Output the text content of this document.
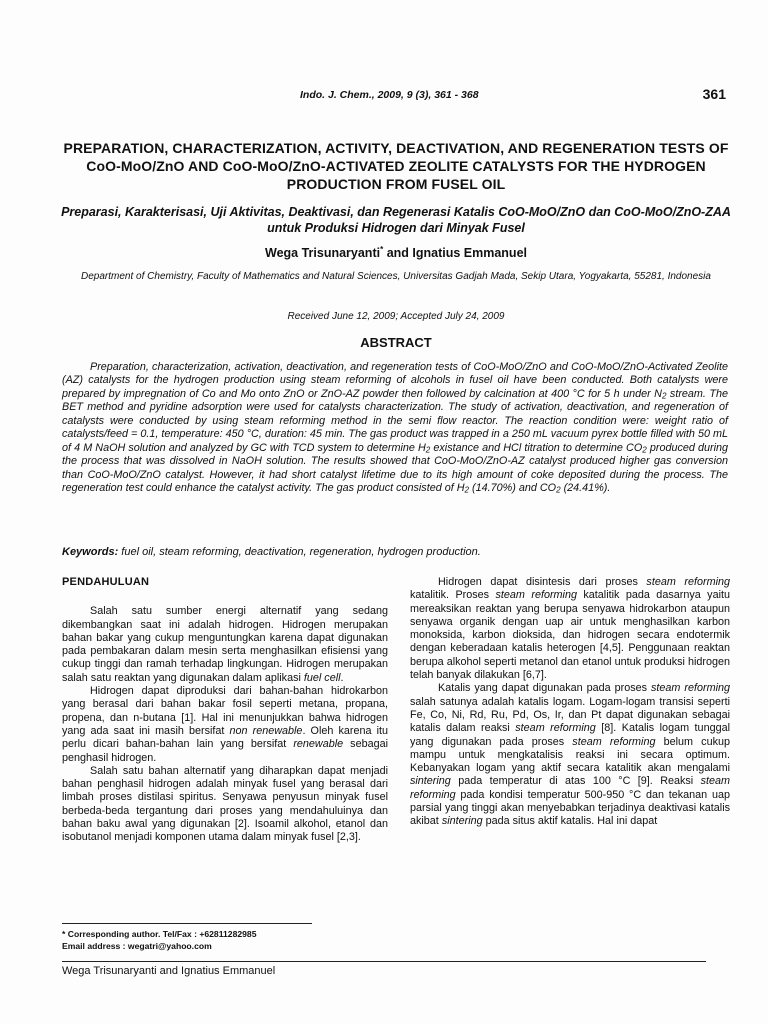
Indo. J. Chem., 2009, 9 (3), 361 - 368	361
PREPARATION, CHARACTERIZATION, ACTIVITY, DEACTIVATION, AND REGENERATION TESTS OF CoO-MoO/ZnO AND CoO-MoO/ZnO-ACTIVATED ZEOLITE CATALYSTS FOR THE HYDROGEN PRODUCTION FROM FUSEL OIL
Preparasi, Karakterisasi, Uji Aktivitas, Deaktivasi, dan Regenerasi Katalis CoO-MoO/ZnO dan CoO-MoO/ZnO-ZAA untuk Produksi Hidrogen dari Minyak Fusel
Wega Trisunaryanti* and Ignatius Emmanuel
Department of Chemistry, Faculty of Mathematics and Natural Sciences, Universitas Gadjah Mada, Sekip Utara, Yogyakarta, 55281, Indonesia
Received June 12, 2009; Accepted July 24, 2009
ABSTRACT

Preparation, characterization, activation, deactivation, and regeneration tests of CoO-MoO/ZnO and CoO-MoO/ZnO-Activated Zeolite (AZ) catalysts for the hydrogen production using steam reforming of alcohols in fusel oil have been conducted. Both catalysts were prepared by impregnation of Co and Mo onto ZnO or ZnO-AZ powder then followed by calcination at 400 °C for 5 h under $N_2$ stream. The BET method and pyridine adsorption were used for catalysts characterization. The study of activation, deactivation, and regeneration of catalysts were conducted by using steam reforming method in the semi flow reactor. The reaction condition were: weight ratio of catalysts/feed = 0.1, temperature: 450 °C, duration: 45 min. The gas product was trapped in a 250 mL vacuum pyrex bottle filled with 50 mL of 4 M NaOH solution and analyzed by GC with TCD system to determine $H_2$ existance and HCl titration to determine $CO_2$ produced during the process that was dissolved in NaOH solution. The results showed that CoO-MoO/ZnO-AZ catalyst produced higher gas conversion than CoO-MoO/ZnO catalyst. However, it had short catalyst lifetime due to its high amount of coke deposited during the process. The regeneration test could enhance the catalyst activity. The gas product consisted of $H_2$ (14.70%) and $CO_2$ (24.41%).

Keywords: fuel oil, steam reforming, deactivation, regeneration, hydrogen production.

PENDAHULUAN

Salah satu sumber energi alternatif yang sedang dikembangkan saat ini adalah hidrogen. Hidrogen merupakan bahan bakar yang cukup menguntungkan karena dapat digunakan pada pembakaran dalam mesin serta menghasilkan efisiensi yang cukup tinggi dan ramah terhadap lingkungan. Hidrogen merupakan salah satu reaktan yang digunakan dalam aplikasi fuel cell.

Hidrogen dapat diproduksi dari bahan-bahan hidrokarbon yang berasal dari bahan bakar fosil seperti metana, propana, propena, dan n-butana [1]. Hal ini menunjukkan bahwa hidrogen yang ada saat ini masih bersifat non renewable. Oleh karena itu perlu dicari bahan-bahan lain yang bersifat renewable sebagai penghasil hidrogen.

Salah satu bahan alternatif yang diharapkan dapat menjadi bahan penghasil hidrogen adalah minyak fusel yang berasal dari limbah proses distilasi spiritus. Senyawa penyusun minyak fusel berbeda-beda tergantung dari proses yang mendahuluinya dan bahan baku awal yang digunakan [2]. Isoamil alkohol, etanol dan isobutanol menjadi komponen utama dalam minyak fusel [2,3].

Hidrogen dapat disintesis dari proses steam reforming katalitik. Proses steam reforming katalitik pada dasarnya yaitu mereaksikan reaktan yang berupa senyawa hidrokarbon ataupun senyawa organik dengan uap air untuk menghasilkan karbon monoksida, karbon dioksida, dan hidrogen secara endotermik dengan keberadaan katalis heterogen [4,5]. Penggunaan reaktan berupa alkohol seperti metanol dan etanol untuk produksi hidrogen telah banyak dilakukan [6,7].

Katalis yang dapat digunakan pada proses steam reforming salah satunya adalah katalis logam. Logam-logam transisi seperti Fe, Co, Ni, Rd, Ru, Pd, Os, Ir, dan Pt dapat digunakan sebagai katalis dalam reaksi steam reforming [8]. Katalis logam tunggal yang digunakan pada proses steam reforming belum cukup mampu untuk mengkatalisis reaksi ini secara optimum. Kebanyakan logam yang aktif secara katalitik akan mengalami sintering pada temperatur di atas 100 °C [9]. Reaksi steam reforming pada kondisi temperatur 500-950 °C dan tekanan uap parsial yang tinggi akan menyebabkan terjadinya deaktivasi katalis akibat sintering pada situs aktif katalis. Hal ini dapat

* Corresponding author. Tel/Fax : +62811282985
Email address : wegatri@yahoo.com
Wega Trisunaryanti and Ignatius Emmanuel
